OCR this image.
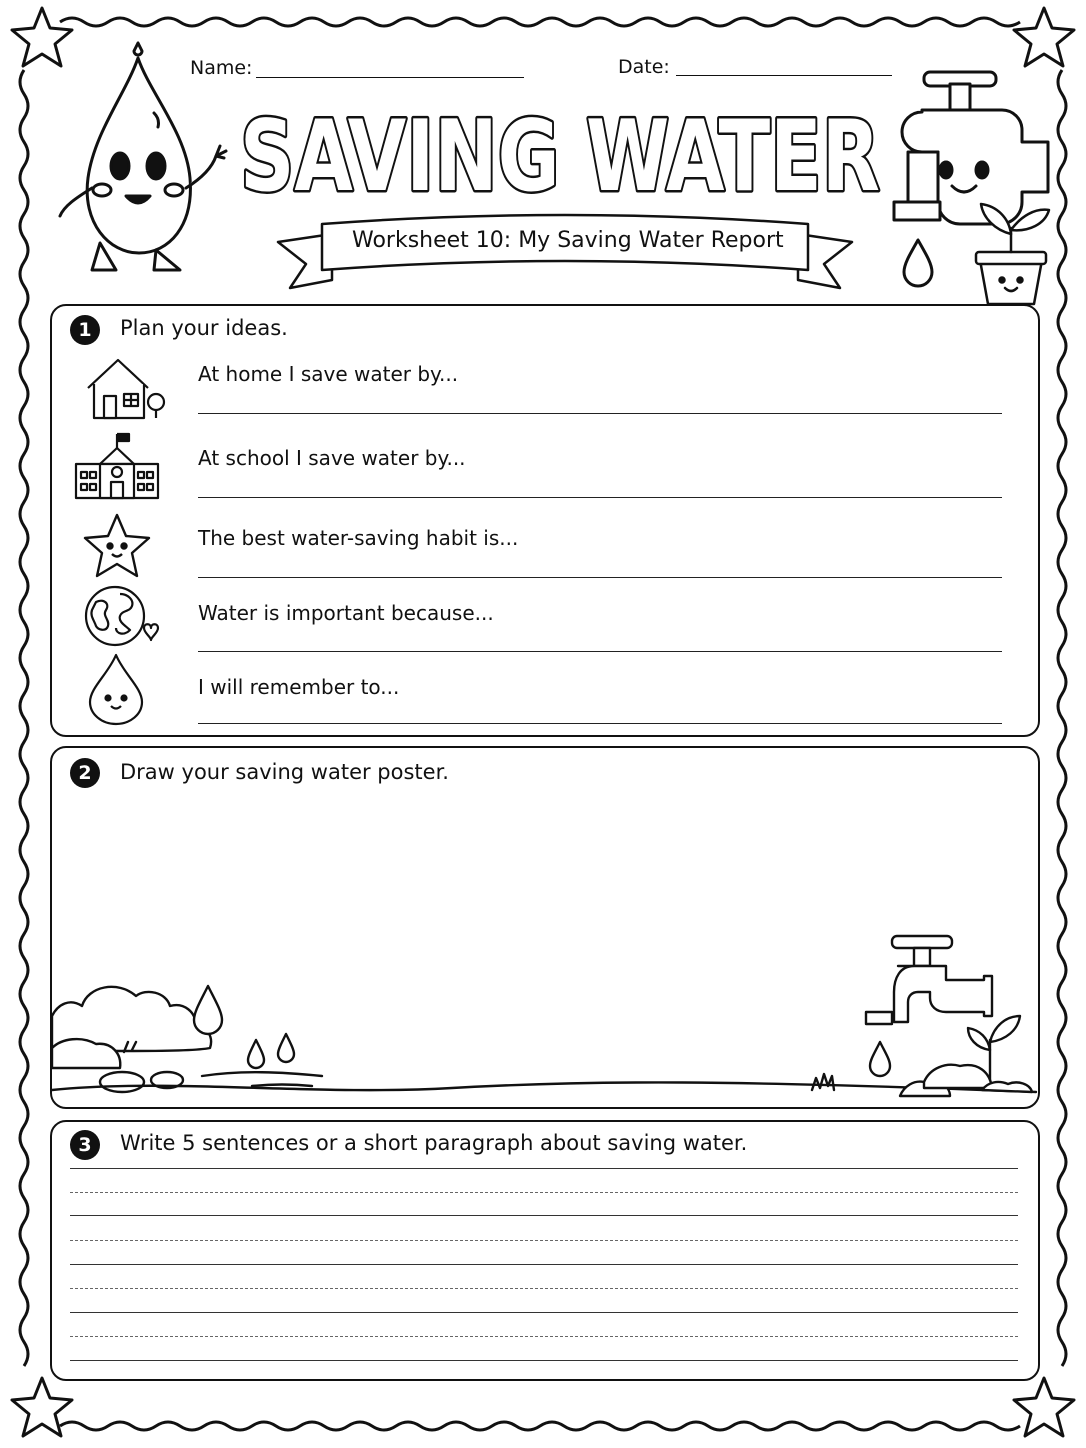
Name:	Date:
SAVING WATER
Worksheet 10: My Saving Water Report
1	Plan your ideas.
At home I save water by...
At school I save water by...
The best water-saving habit is...
Water is important because...
I will remember to...
2	Draw your saving water poster.
3	Write 5 sentences or a short paragraph about saving water.
